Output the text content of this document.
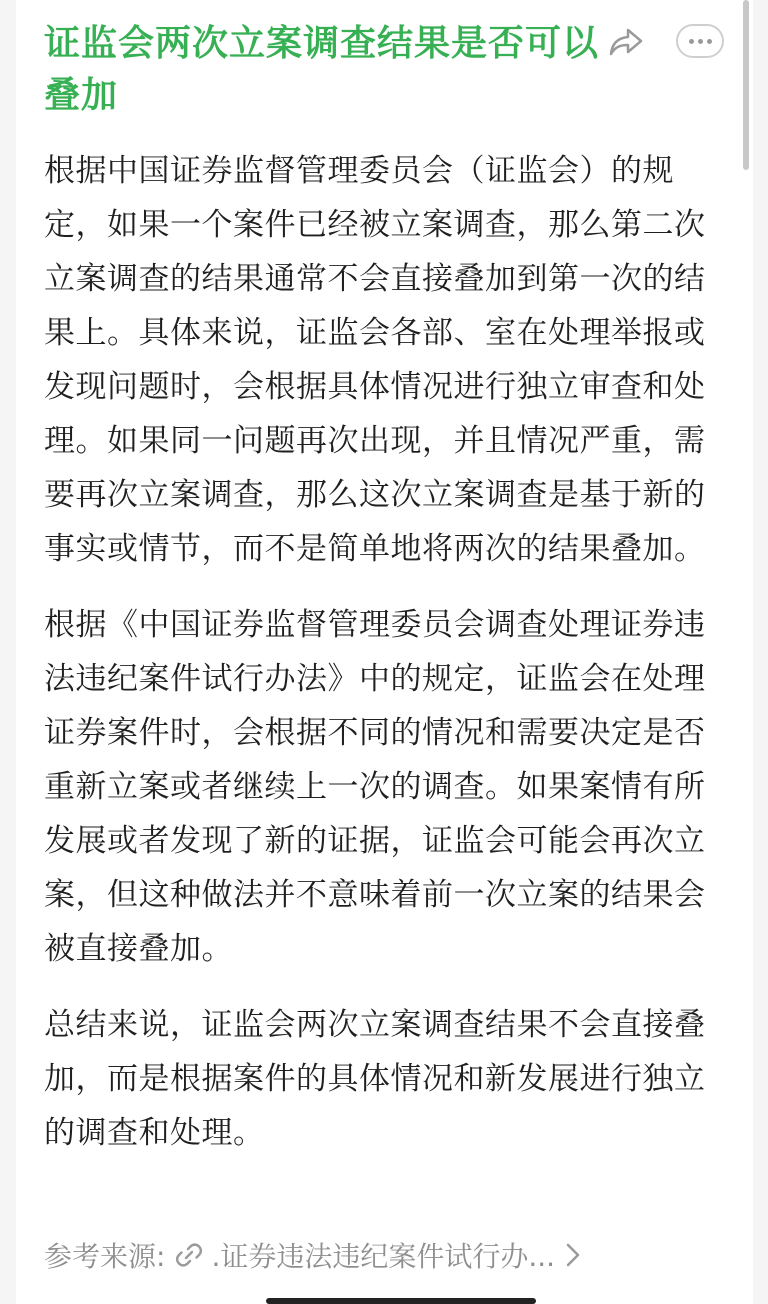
证监会两次立案调查结果是否可以叠加

根据中国证券监督管理委员会（证监会）的规定，如果一个案件已经被立案调查，那么第二次立案调查的结果通常不会直接叠加到第一次的结果上。具体来说，证监会各部、室在处理举报或发现问题时，会根据具体情况进行独立审查和处理。如果同一问题再次出现，并且情况严重，需要再次立案调查，那么这次立案调查是基于新的事实或情节，而不是简单地将两次的结果叠加。

根据《中国证券监督管理委员会调查处理证券违法违纪案件试行办法》中的规定，证监会在处理证券案件时，会根据不同的情况和需要决定是否重新立案或者继续上一次的调查。如果案情有所发展或者发现了新的证据，证监会可能会再次立案，但这种做法并不意味着前一次立案的结果会被直接叠加。

总结来说，证监会两次立案调查结果不会直接叠加，而是根据案件的具体情况和新发展进行独立的调查和处理。

参考来源: .证券违法违纪案件试行办...
